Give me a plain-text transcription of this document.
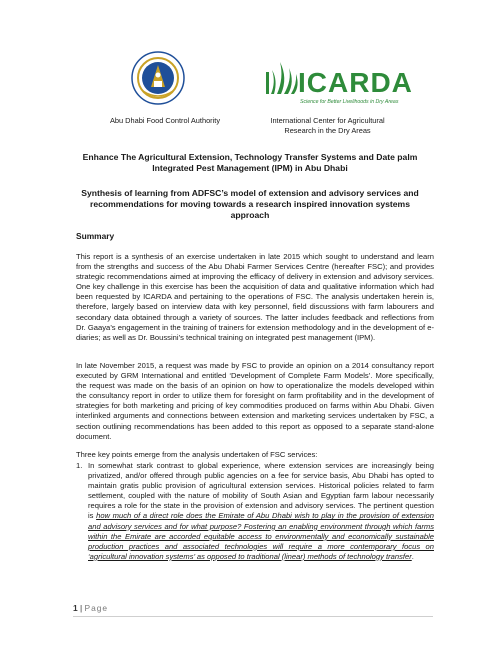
Abu Dhabi Food Control Authority
ICARDA
Science for Better Livelihoods in Dry Areas
International Center for Agricultural Research in the Dry Areas
Enhance The Agricultural Extension, Technology Transfer Systems and Date palm Integrated Pest Management (IPM) in Abu Dhabi
Synthesis of learning from ADFSC’s model of extension and advisory services and recommendations for moving towards a research inspired innovation systems approach
Summary

This report is a synthesis of an exercise undertaken in late 2015 which sought to understand and learn from the strengths and success of the Abu Dhabi Farmer Services Centre (hereafter FSC); and provides strategic recommendations aimed at improving the efficacy of delivery in extension and advisory services. One key challenge in this exercise has been the acquisition of data and qualitative information which had been requested by ICARDA and pertaining to the operations of FSC. The analysis undertaken herein is, therefore, largely based on interview data with key personnel, field discussions with farm labourers and secondary data obtained through a variety of sources. The latter includes feedback and reflections from Dr. Gaaya’s engagement in the training of trainers for extension methodology and in the development of e-diaries; as well as Dr. Boussini’s technical training on integrated pest management (IPM).

In late November 2015, a request was made by FSC to provide an opinion on a 2014 consultancy report executed by GRM International and entitled ‘Development of Complete Farm Models’. More specifically, the request was made on the basis of an opinion on how to operationalize the models developed within the consultancy report in order to utilize them for foresight on farm profitability and in the development of strategies for both marketing and pricing of key commodities produced on farms within Abu Dhabi. Given interlinked arguments and connections between extension and marketing services undertaken by FSC, a section outlining recommendations has been added to this report as opposed to a separate stand-alone document.

Three key points emerge from the analysis undertaken of FSC services:

1. In somewhat stark contrast to global experience, where extension services are increasingly being privatized, and/or offered through public agencies on a fee for service basis, Abu Dhabi has opted to maintain gratis public provision of agricultural extension services. Historical policies related to farm settlement, coupled with the nature of mobility of South Asian and Egyptian farm labour necessarily requires a role for the state in the provision of extension and advisory services. The pertinent question is how much of a direct role does the Emirate of Abu Dhabi wish to play in the provision of extension and advisory services and for what purpose? Fostering an enabling environment through which farms within the Emirate are accorded equitable access to environmentally and economically sustainable production practices and associated technologies will require a more contemporary focus on ‘agricultural innovation systems’ as opposed to traditional (linear) methods of technology transfer.
1 | Page
